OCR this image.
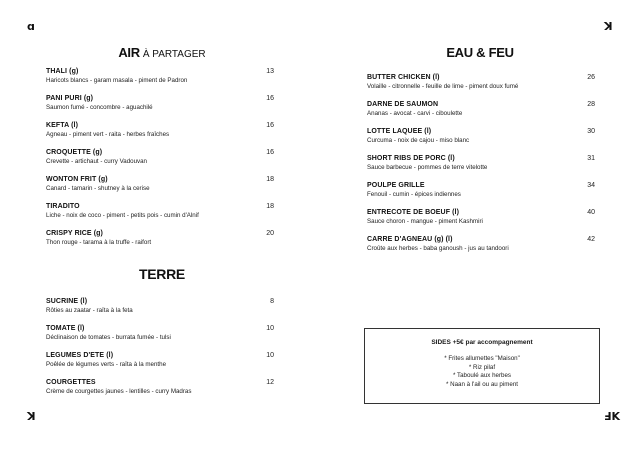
ɑ	ꓘ
ꓘ	ℲK
AIR À PARTAGER
THALI (g)
Haricots blancs - garam masala - piment de Padron
13
PANI PURI (g)
Saumon fumé - concombre - aguachilé
16
KEFTA (l)
Agneau - piment vert - raita - herbes fraîches
16
CROQUETTE (g)
Crevette - artichaut - curry Vadouvan
16
WONTON FRIT (g)
Canard - tamarin - shutney à la cerise
18
TIRADITO
Liche - noix de coco - piment - petits pois - cumin d'Alnif
18
CRISPY RICE (g)
Thon rouge - tarama à la truffe - raifort
20
TERRE
SUCRINE (l)
Rôties au zaatar - raïta à la feta
8
TOMATE (l)
Déclinaison de tomates - burrata fumée - tulsi
10
LEGUMES D'ETE (l)
Poêlée de légumes verts - raïta à la menthe
10
COURGETTES
Crème de courgettes jaunes - lentilles - curry Madras
12
EAU & FEU
BUTTER CHICKEN (l)
Volaille - citronnelle - feuille de lime - piment doux fumé
26
DARNE DE SAUMON
Ananas - avocat - carvi - ciboulette
28
LOTTE LAQUEE (l)
Curcuma - noix de cajou - miso blanc
30
SHORT RIBS DE PORC (l)
Sauce barbecue - pommes de terre vitelotte
31
POULPE GRILLE
Fenouil - cumin - épices indiennes
34
ENTRECOTE DE BOEUF (l)
Sauce choron - mangue - piment Kashmiri
40
CARRE D'AGNEAU (g) (l)
Croûte aux herbes - baba ganoush - jus au tandoori
42
SIDES +5€ par accompagnement
* Frites allumettes "Maison"
* Riz pilaf
* Taboulé aux herbes
* Naan à l'ail ou au piment
